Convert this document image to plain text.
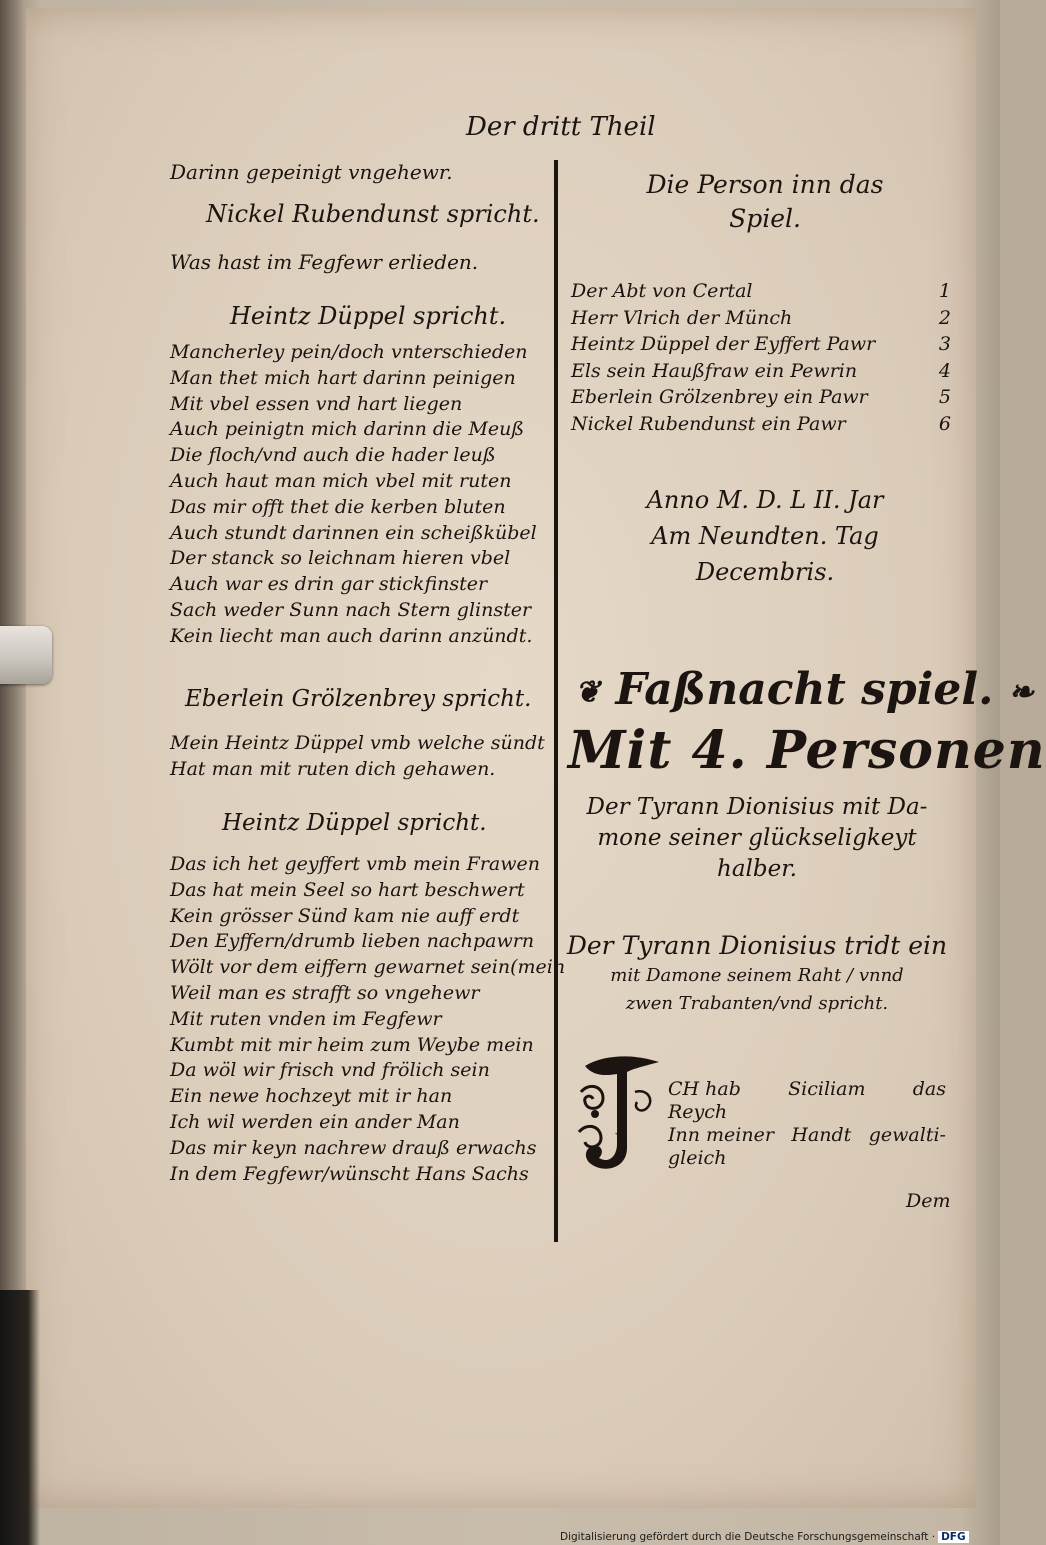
Der dritt Theil
Darinn gepeinigt vngehewr.
Nickel Rubendunst spricht.
Was hast im Fegfewr erlieden.
Heintz Düppel spricht.
Mancherley pein/doch vnterschieden
Man thet mich hart darinn peinigen
Mit vbel essen vnd hart liegen
Auch peinigtn mich darinn die Meuß
Die floch/vnd auch die hader leuß
Auch haut man mich vbel mit ruten
Das mir offt thet die kerben bluten
Auch stundt darinnen ein scheißkübel
Der stanck so leichnam hieren vbel
Auch war es drin gar stickfinster
Sach weder Sunn nach Stern glinster
Kein liecht man auch darinn anzündt.
Eberlein Grölzenbrey spricht.
Mein Heintz Düppel vmb welche sündt
Hat man mit ruten dich gehawen.
Heintz Düppel spricht.
Das ich het geyffert vmb mein Frawen
Das hat mein Seel so hart beschwert
Kein grösser Sünd kam nie auff erdt
Den Eyffern/drumb lieben nachpawrn
Wölt vor dem eiffern gewarnet sein(mein
Weil man es strafft so vngehewr
Mit ruten vnden im Fegfewr
Kumbt mit mir heim zum Weybe mein
Da wöl wir frisch vnd frölich sein
Ein newe hochzeyt mit ir han
Ich wil werden ein ander Man
Das mir keyn nachrew drauß erwachs
In dem Fegfewr/wünscht Hans Sachs
Die Person inn das
Spiel.
Der Abt von Certal	1
Herr Vlrich der Münch	2
Heintz Düppel der Eyffert Pawr	3
Els sein Haußfraw ein Pewrin	4
Eberlein Grölzenbrey ein Pawr	5
Nickel Rubendunst ein Pawr	6
Anno M. D. L II. Jar
Am Neundten. Tag
Decembris.
❦ Faßnacht spiel. ❧
Mit 4. Personen
Der Tyrann Dionisius mit Da-
mone seiner glückseligkeyt
halber.
Der Tyrann Dionisius tridt ein
mit Damone seinem Raht / vnnd
zwen Trabanten/vnd spricht.
J
CH hab Siciliam das
Reych
Inn meiner Handt gewalti-
gleich
Dem
Digitalisierung gefördert durch die Deutsche Forschungsgemeinschaft · DFG
